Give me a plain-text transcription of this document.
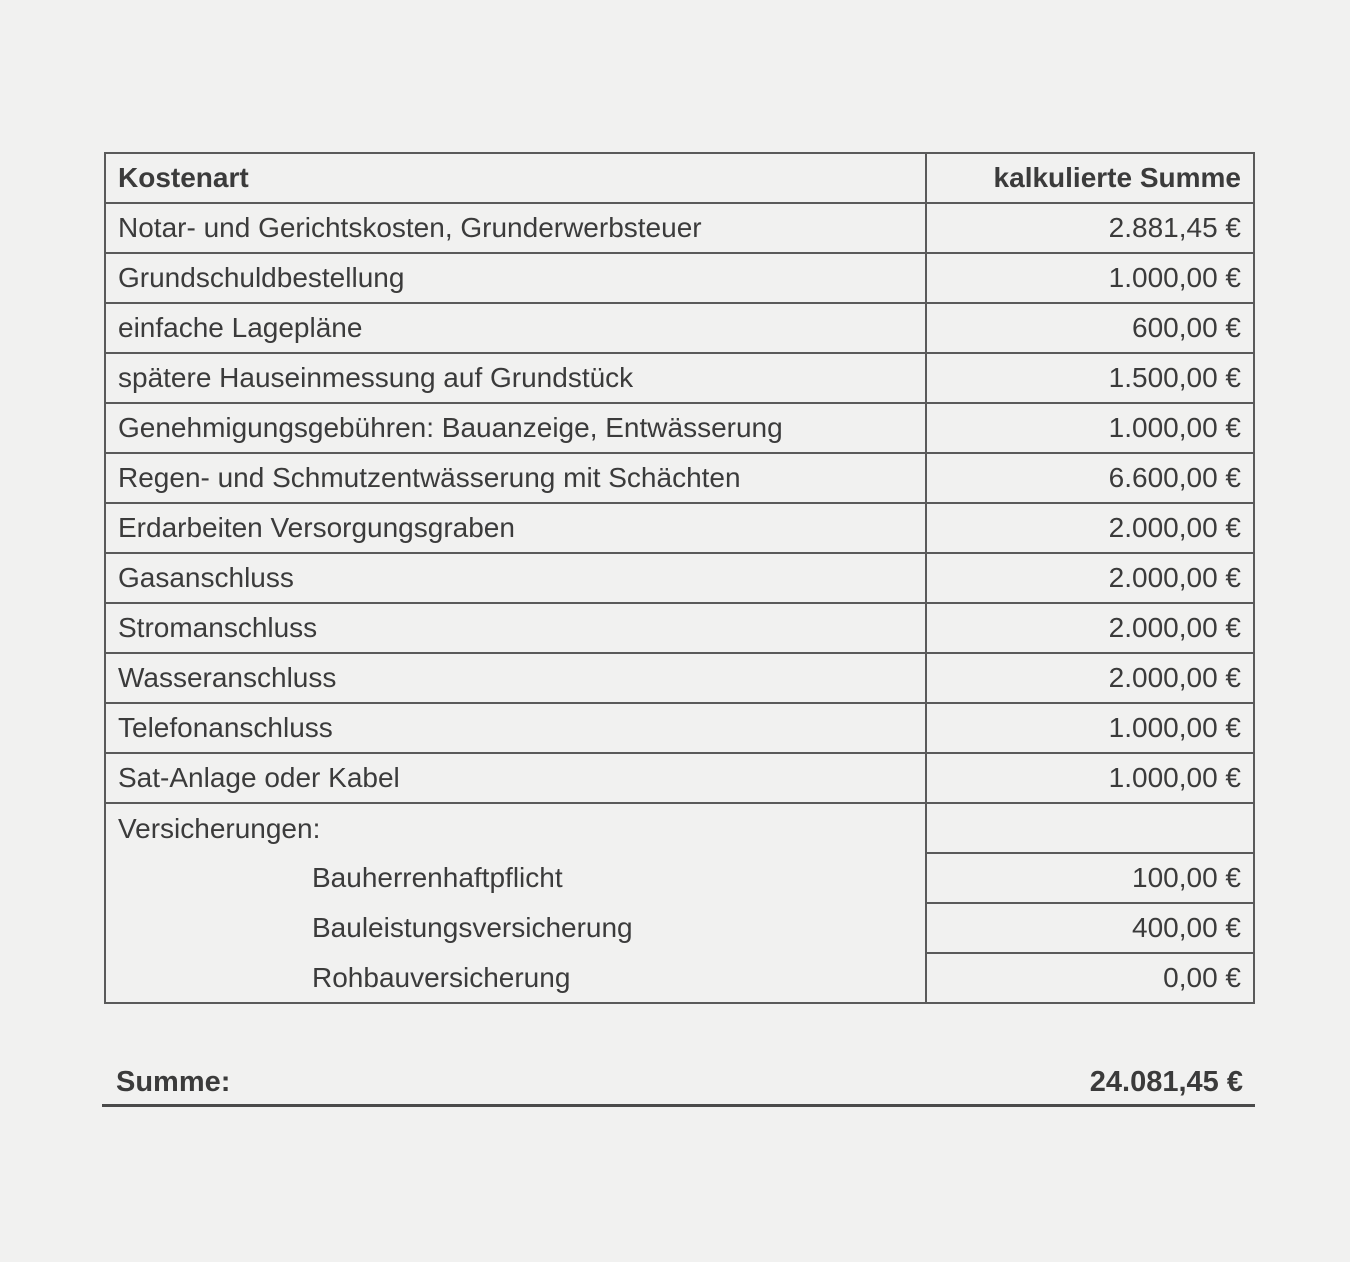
Kostenart	kalkulierte Summe
Notar- und Gerichtskosten, Grunderwerbsteuer	2.881,45 €
Grundschuldbestellung	1.000,00 €
einfache Lagepläne	600,00 €
spätere Hauseinmessung auf Grundstück	1.500,00 €
Genehmigungsgebühren: Bauanzeige, Entwässerung	1.000,00 €
Regen- und Schmutzentwässerung mit Schächten	6.600,00 €
Erdarbeiten Versorgungsgraben	2.000,00 €
Gasanschluss	2.000,00 €
Stromanschluss	2.000,00 €
Wasseranschluss	2.000,00 €
Telefonanschluss	1.000,00 €
Sat-Anlage oder Kabel	1.000,00 €
Versicherungen:	
Bauherrenhaftpflicht	100,00 €
Bauleistungsversicherung	400,00 €
Rohbauversicherung	0,00 €
Summe:	24.081,45 €
